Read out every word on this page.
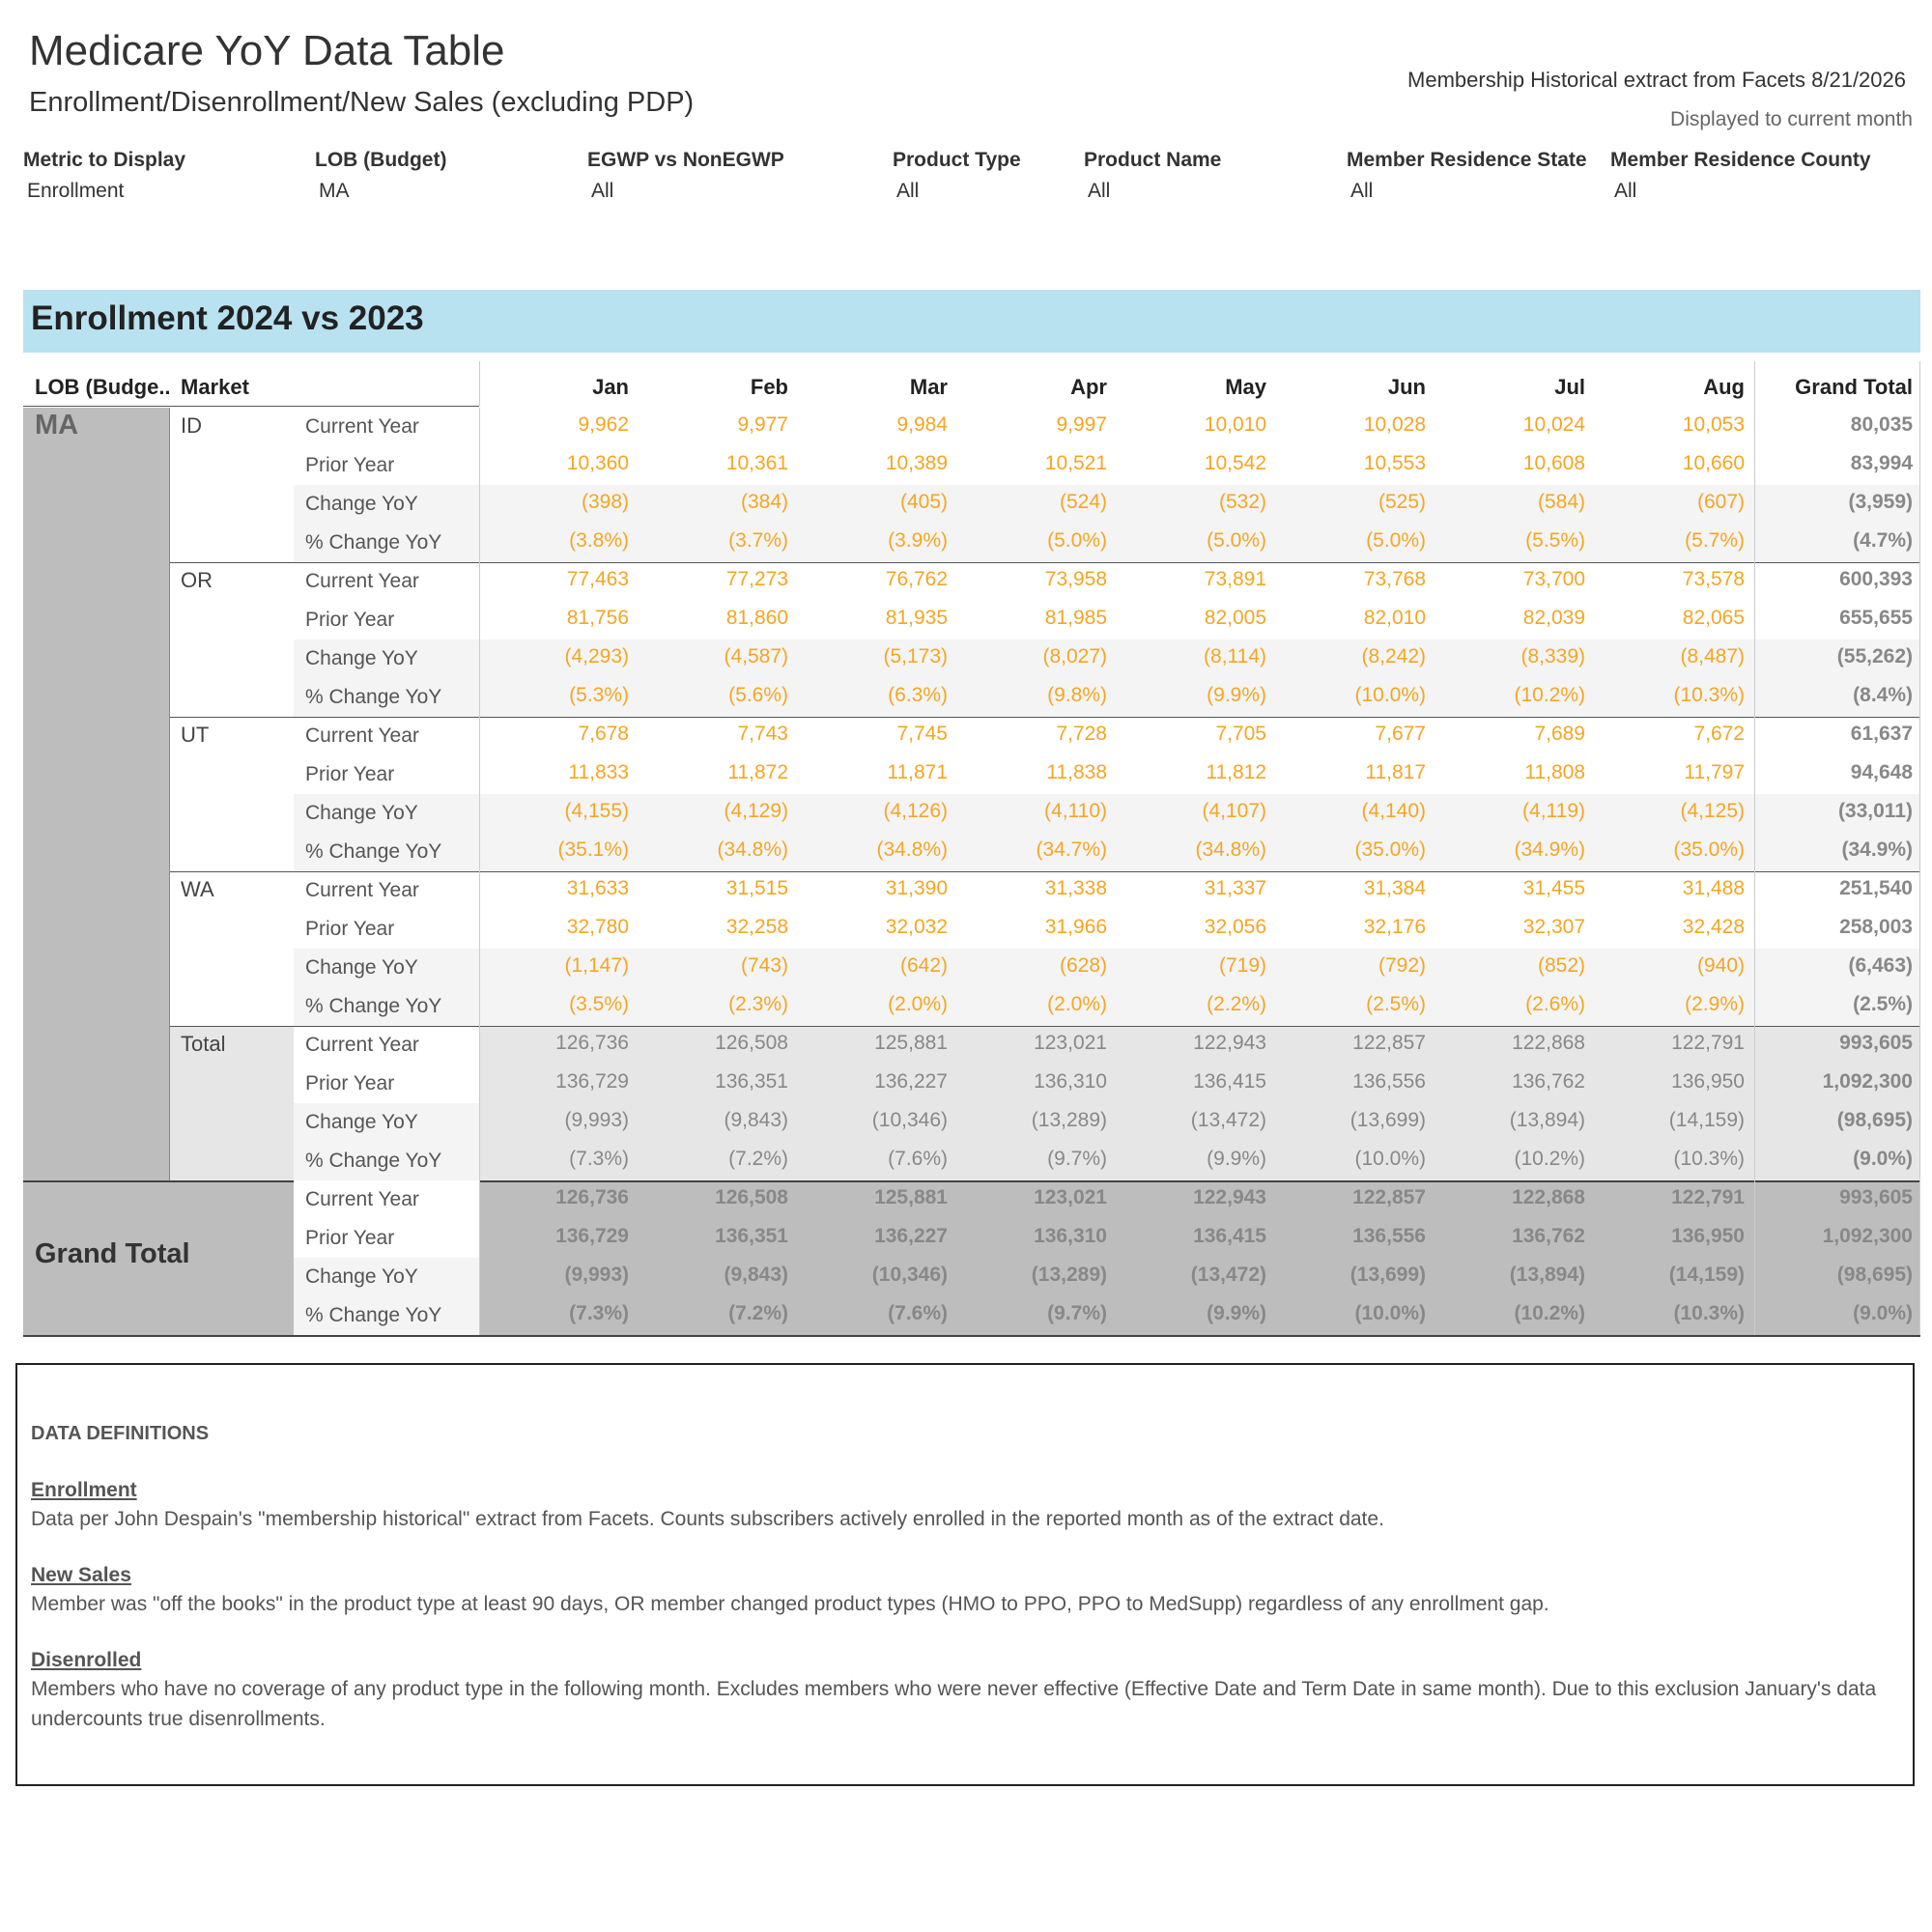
Medicare YoY Data Table
Enrollment/Disenrollment/New Sales (excluding PDP)
Membership Historical extract from Facets 8/21/2026
Displayed to current month
Metric to Display
Enrollment
LOB (Budget)
MA
EGWP vs NonEGWP
All
Product Type
All
Product Name
All
Member Residence State
All
Member Residence County
All
Enrollment 2024 vs 2023
LOB (Budge.. Market	Jan	Feb	Mar	Apr	May	Jun	Jul	Aug	Grand Total
MA	ID	Current Year	9,962	9,977	9,984	9,997	10,010	10,028	10,024	10,053	80,035
Prior Year	10,360	10,361	10,389	10,521	10,542	10,553	10,608	10,660	83,994
Change YoY	(398)	(384)	(405)	(524)	(532)	(525)	(584)	(607)	(3,959)
% Change YoY	(3.8%)	(3.7%)	(3.9%)	(5.0%)	(5.0%)	(5.0%)	(5.5%)	(5.7%)	(4.7%)
OR	Current Year	77,463	77,273	76,762	73,958	73,891	73,768	73,700	73,578	600,393
Prior Year	81,756	81,860	81,935	81,985	82,005	82,010	82,039	82,065	655,655
Change YoY	(4,293)	(4,587)	(5,173)	(8,027)	(8,114)	(8,242)	(8,339)	(8,487)	(55,262)
% Change YoY	(5.3%)	(5.6%)	(6.3%)	(9.8%)	(9.9%)	(10.0%)	(10.2%)	(10.3%)	(8.4%)
UT	Current Year	7,678	7,743	7,745	7,728	7,705	7,677	7,689	7,672	61,637
Prior Year	11,833	11,872	11,871	11,838	11,812	11,817	11,808	11,797	94,648
Change YoY	(4,155)	(4,129)	(4,126)	(4,110)	(4,107)	(4,140)	(4,119)	(4,125)	(33,011)
% Change YoY	(35.1%)	(34.8%)	(34.8%)	(34.7%)	(34.8%)	(35.0%)	(34.9%)	(35.0%)	(34.9%)
WA	Current Year	31,633	31,515	31,390	31,338	31,337	31,384	31,455	31,488	251,540
Prior Year	32,780	32,258	32,032	31,966	32,056	32,176	32,307	32,428	258,003
Change YoY	(1,147)	(743)	(642)	(628)	(719)	(792)	(852)	(940)	(6,463)
% Change YoY	(3.5%)	(2.3%)	(2.0%)	(2.0%)	(2.2%)	(2.5%)	(2.6%)	(2.9%)	(2.5%)
Total	Current Year	126,736	126,508	125,881	123,021	122,943	122,857	122,868	122,791	993,605
Prior Year	136,729	136,351	136,227	136,310	136,415	136,556	136,762	136,950	1,092,300
Change YoY	(9,993)	(9,843)	(10,346)	(13,289)	(13,472)	(13,699)	(13,894)	(14,159)	(98,695)
% Change YoY	(7.3%)	(7.2%)	(7.6%)	(9.7%)	(9.9%)	(10.0%)	(10.2%)	(10.3%)	(9.0%)
Grand Total
Current Year	126,736	126,508	125,881	123,021	122,943	122,857	122,868	122,791	993,605
Prior Year	136,729	136,351	136,227	136,310	136,415	136,556	136,762	136,950	1,092,300
Change YoY	(9,993)	(9,843)	(10,346)	(13,289)	(13,472)	(13,699)	(13,894)	(14,159)	(98,695)
% Change YoY	(7.3%)	(7.2%)	(7.6%)	(9.7%)	(9.9%)	(10.0%)	(10.2%)	(10.3%)	(9.0%)
DATA DEFINITIONS
Enrollment
Data per John Despain's "membership historical" extract from Facets. Counts subscribers actively enrolled in the reported month as of the extract date.
New Sales
Member was "off the books" in the product type at least 90 days, OR member changed product types (HMO to PPO, PPO to MedSupp) regardless of any enrollment gap.
Disenrolled
Members who have no coverage of any product type in the following month. Excludes members who were never effective (Effective Date and Term Date in same month). Due to this exclusion January's data undercounts true disenrollments.
